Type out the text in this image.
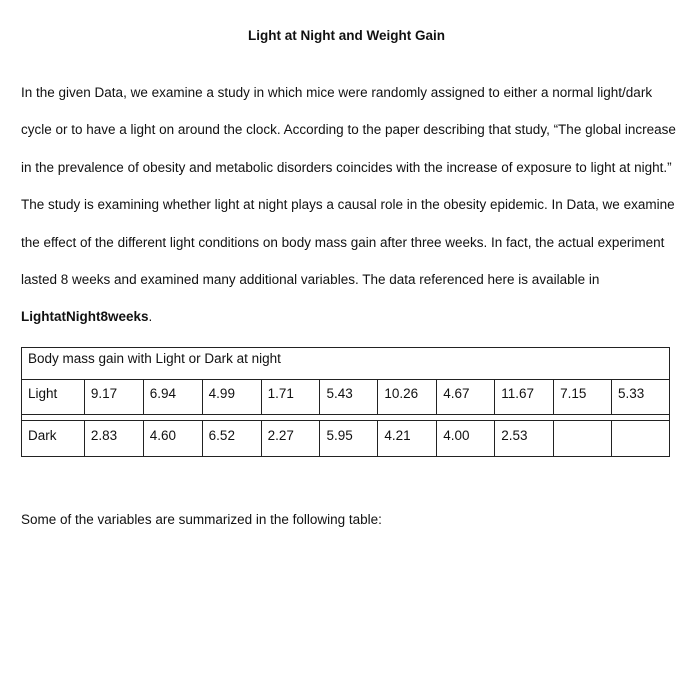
Light at Night and Weight Gain

In the given Data, we examine a study in which mice were randomly assigned to either a normal light/dark cycle or to have a light on around the clock. According to the paper describing that study, “The global increase in the prevalence of obesity and metabolic disorders coincides with the increase of exposure to light at night.” The study is examining whether light at night plays a causal role in the obesity epidemic. In Data, we examine the effect of the different light conditions on body mass gain after three weeks. In fact, the actual experiment lasted 8 weeks and examined many additional variables. The data referenced here is available in LightatNight8weeks.

Body mass gain with Light or Dark at night										
Light	9.17	6.94	4.99	1.71	5.43	10.26	4.67	11.67	7.15	5.33

Dark	2.83	4.60	6.52	2.27	5.95	4.21	4.00	2.53		

Some of the variables are summarized in the following table:
